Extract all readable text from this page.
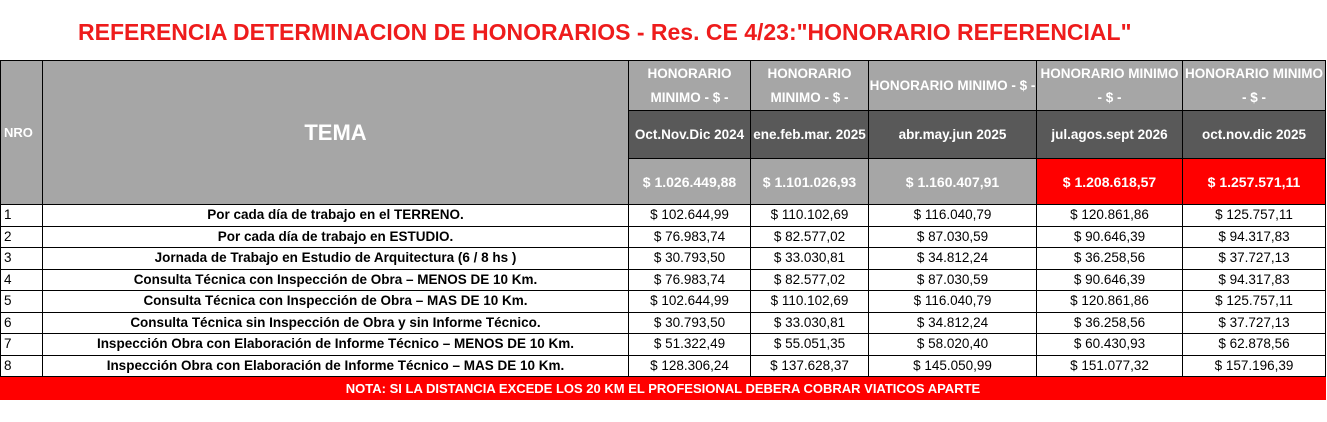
REFERENCIA DETERMINACION DE HONORARIOS - Res. CE 4/23:"HONORARIO REFERENCIAL"
NRO	TEMA	HONORARIO MINIMO - $ -	HONORARIO MINIMO - $ -	HONORARIO MINIMO - $ -	HONORARIO MINIMO - $ -	HONORARIO MINIMO - $ -
		Oct.Nov.Dic 2024	ene.feb.mar. 2025	abr.may.jun 2025	jul.agos.sept 2026	oct.nov.dic 2025
		$ 1.026.449,88	$ 1.101.026,93	$ 1.160.407,91	$ 1.208.618,57	$ 1.257.571,11
1	Por cada día de trabajo en el TERRENO.	$ 102.644,99	$ 110.102,69	$ 116.040,79	$ 120.861,86	$ 125.757,11
2	Por cada día de trabajo en ESTUDIO.	$ 76.983,74	$ 82.577,02	$ 87.030,59	$ 90.646,39	$ 94.317,83
3	Jornada de Trabajo en Estudio de Arquitectura (6 / 8 hs )	$ 30.793,50	$ 33.030,81	$ 34.812,24	$ 36.258,56	$ 37.727,13
4	Consulta Técnica con Inspección de Obra – MENOS DE 10 Km.	$ 76.983,74	$ 82.577,02	$ 87.030,59	$ 90.646,39	$ 94.317,83
5	Consulta Técnica con Inspección de Obra – MAS DE 10 Km.	$ 102.644,99	$ 110.102,69	$ 116.040,79	$ 120.861,86	$ 125.757,11
6	Consulta Técnica sin Inspección de Obra y sin Informe Técnico.	$ 30.793,50	$ 33.030,81	$ 34.812,24	$ 36.258,56	$ 37.727,13
7	Inspección Obra con Elaboración de Informe Técnico – MENOS DE 10 Km.	$ 51.322,49	$ 55.051,35	$ 58.020,40	$ 60.430,93	$ 62.878,56
8	Inspección Obra con Elaboración de Informe Técnico – MAS DE 10 Km.	$ 128.306,24	$ 137.628,37	$ 145.050,99	$ 151.077,32	$ 157.196,39
NOTA: SI LA DISTANCIA EXCEDE LOS 20 KM EL PROFESIONAL DEBERA COBRAR VIATICOS APARTE						
